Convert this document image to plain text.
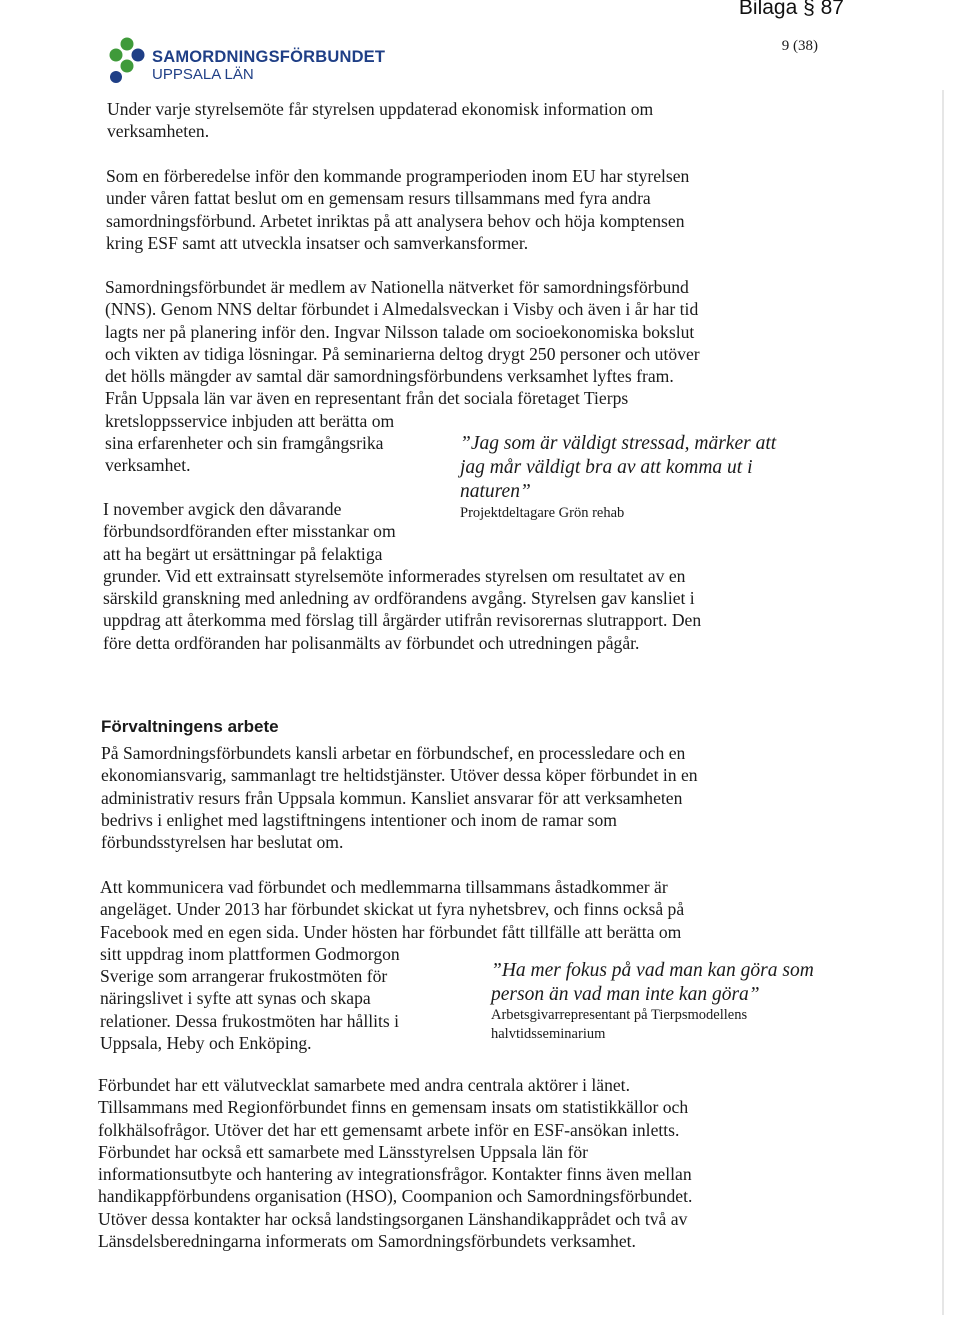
Bilaga § 87
9 (38)
SAMORDNINGSFÖRBUNDET
UPPSALA LÄN
Under varje styrelsemöte får styrelsen uppdaterad ekonomisk information om
verksamheten.
Som en förberedelse inför den kommande programperioden inom EU har styrelsen
under våren fattat beslut om en gemensam resurs tillsammans med fyra andra
samordningsförbund. Arbetet inriktas på att analysera behov och höja komptensen
kring ESF samt att utveckla insatser och samverkansformer.
Samordningsförbundet är medlem av Nationella nätverket för samordningsförbund
(NNS). Genom NNS deltar förbundet i Almedalsveckan i Visby och även i år har tid
lagts ner på planering inför den. Ingvar Nilsson talade om socioekonomiska bokslut
och vikten av tidiga lösningar. På seminarierna deltog drygt 250 personer och utöver
det hölls mängder av samtal där samordningsförbundens verksamhet lyftes fram.
Från Uppsala län var även en representant från det sociala företaget Tierps
kretsloppsservice inbjuden att berätta om
sina erfarenheter och sin framgångsrika
verksamhet.
”Jag som är väldigt stressad, märker att
jag mår väldigt bra av att komma ut i
naturen”
Projektdeltagare Grön rehab
I november avgick den dåvarande
förbundsordföranden efter misstankar om
att ha begärt ut ersättningar på felaktiga
grunder. Vid ett extrainsatt styrelsemöte informerades styrelsen om resultatet av en
särskild granskning med anledning av ordförandens avgång. Styrelsen gav kansliet i
uppdrag att återkomma med förslag till årgärder utifrån revisorernas slutrapport. Den
före detta ordföranden har polisanmälts av förbundet och utredningen pågår.
Förvaltningens arbete
På Samordningsförbundets kansli arbetar en förbundschef, en processledare och en
ekonomiansvarig, sammanlagt tre heltidstjänster. Utöver dessa köper förbundet in en
administrativ resurs från Uppsala kommun. Kansliet ansvarar för att verksamheten
bedrivs i enlighet med lagstiftningens intentioner och inom de ramar som
förbundsstyrelsen har beslutat om.
Att kommunicera vad förbundet och medlemmarna tillsammans åstadkommer är
angeläget. Under 2013 har förbundet skickat ut fyra nyhetsbrev, och finns också på
Facebook med en egen sida. Under hösten har förbundet fått tillfälle att berätta om
sitt uppdrag inom plattformen Godmorgon
Sverige som arrangerar frukostmöten för
näringslivet i syfte att synas och skapa
relationer. Dessa frukostmöten har hållits i
Uppsala, Heby och Enköping.
”Ha mer fokus på vad man kan göra som
person än vad man inte kan göra”
Arbetsgivarrepresentant på Tierpsmodellens
halvtidsseminarium
Förbundet har ett välutvecklat samarbete med andra centrala aktörer i länet.
Tillsammans med Regionförbundet finns en gemensam insats om statistikkällor och
folkhälsofrågor. Utöver det har ett gemensamt arbete inför en ESF-ansökan inletts.
Förbundet har också ett samarbete med Länsstyrelsen Uppsala län för
informationsutbyte och hantering av integrationsfrågor. Kontakter finns även mellan
handikappförbundens organisation (HSO), Coompanion och Samordningsförbundet.
Utöver dessa kontakter har också landstingsorganen Länshandikapprådet och två av
Länsdelsberedningarna informerats om Samordningsförbundets verksamhet.
